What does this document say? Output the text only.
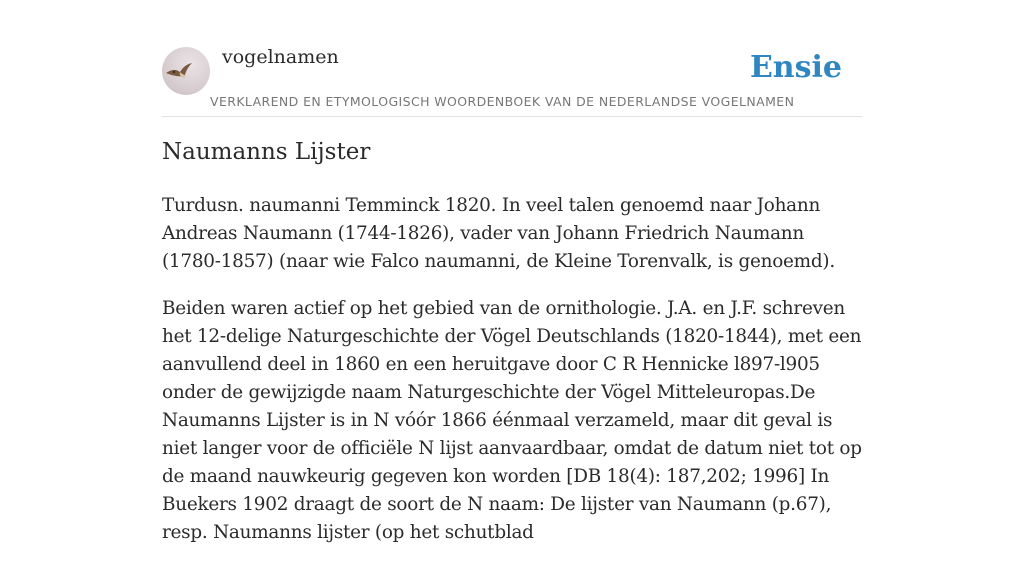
vogelnamen
VERKLAREND EN ETYMOLOGISCH WOORDENBOEK VAN DE NEDERLANDSE VOGELNAMEN
Ensie
Naumanns Lijster

Turdusn. naumanni Temminck 1820. In veel talen genoemd naar Johann Andreas Naumann (1744-1826), vader van Johann Friedrich Naumann (1780-1857) (naar wie Falco naumanni, de Kleine Torenvalk, is genoemd).

Beiden waren actief op het gebied van de ornithologie. J.A. en J.F. schreven het 12-delige Naturgeschichte der Vögel Deutschlands (1820-1844), met een aanvullend deel in 1860 en een heruitgave door C R Hennicke l897-l905 onder de gewijzigde naam Naturgeschichte der Vögel Mitteleuropas.De Naumanns Lijster is in N vóór 1866 éénmaal verzameld, maar dit geval is niet langer voor de officiële N lijst aanvaardbaar, omdat de datum niet tot op de maand nauwkeurig gegeven kon worden [DB 18(4): 187,202; 1996] In Buekers 1902 draagt de soort de N naam: De lijster van Naumann (p.67), resp. Naumanns lijster (op het schutblad
